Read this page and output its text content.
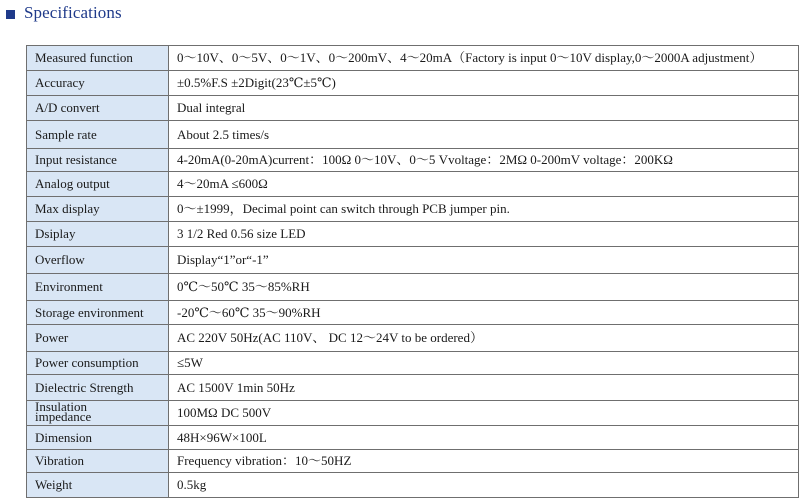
Specifications
Measured function	0～10V、0～5V、0～1V、0～200mV、4～20mA（Factory is input 0～10V display,0～2000A adjustment）
Accuracy	±0.5%F.S ±2Digit(23℃±5℃)
A/D convert	Dual integral
Sample rate	About 2.5 times/s
Input resistance	4-20mA(0-20mA)current：100Ω 0～10V、0～5 Vvoltage：2MΩ 0-200mV voltage：200KΩ
Analog output	4～20mA ≤600Ω
Max display	0～±1999，Decimal point can switch through PCB jumper pin.
Dsiplay	3 1/2 Red 0.56 size LED
Overflow	Display“1”or“-1”
Environment	0℃～50℃ 35～85%RH
Storage environment	-20℃～60℃ 35～90%RH
Power	AC 220V 50Hz(AC 110V、 DC 12～24V to be ordered）
Power consumption	≤5W
Dielectric Strength	AC 1500V 1min 50Hz
Insulation impedance	100MΩ DC 500V
Dimension	48H×96W×100L
Vibration	Frequency vibration：10～50HZ
Weight	0.5kg
